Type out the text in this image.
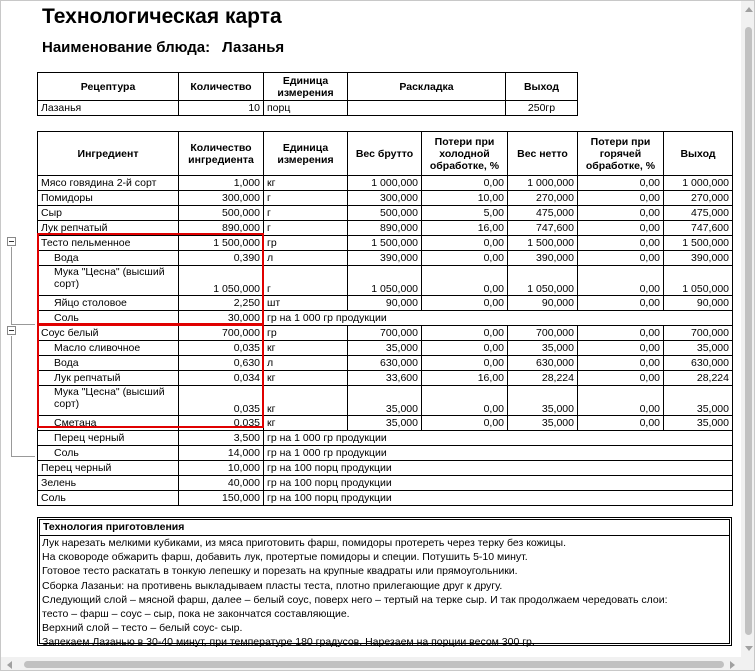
Технологическая карта
Наименование блюда: Лазанья
Рецептура	Количество	Единица измерения	Раскладка	Выход
Лазанья	10	порц		250гр
Ингредиент	Количество ингредиента	Единица измерения	Вес брутто	Потери при холодной обработке, %	Вес нетто	Потери при горячей обработке, %	Выход
Мясо говядина 2-й сорт	1,000	кг	1 000,000	0,00	1 000,000	0,00	1 000,000
Помидоры	300,000	г	300,000	10,00	270,000	0,00	270,000
Сыр	500,000	г	500,000	5,00	475,000	0,00	475,000
Лук репчатый	890,000	г	890,000	16,00	747,600	0,00	747,600
Тесто пельменное	1 500,000	гр	1 500,000	0,00	1 500,000	0,00	1 500,000
Вода	0,390	л	390,000	0,00	390,000	0,00	390,000
Мука "Цесна" (высший сорт)	1 050,000	г	1 050,000	0,00	1 050,000	0,00	1 050,000
Яйцо столовое	2,250	шт	90,000	0,00	90,000	0,00	90,000
Соль	30,000	гр на 1 000 гр продукции					
Соус белый	700,000	гр	700,000	0,00	700,000	0,00	700,000
Масло сливочное	0,035	кг	35,000	0,00	35,000	0,00	35,000
Вода	0,630	л	630,000	0,00	630,000	0,00	630,000
Лук репчатый	0,034	кг	33,600	16,00	28,224	0,00	28,224
Мука "Цесна" (высший сорт)	0,035	кг	35,000	0,00	35,000	0,00	35,000
Сметана	0,035	кг	35,000	0,00	35,000	0,00	35,000
Перец черный	3,500	гр на 1 000 гр продукции					
Соль	14,000	гр на 1 000 гр продукции					
Перец черный	10,000	гр на 100 порц продукции					
Зелень	40,000	гр на 100 порц продукции					
Соль	150,000	гр на 100 порц продукции					
Технология приготовления
Лук нарезать мелкими кубиками, из мяса приготовить фарш, помидоры протереть через терку без кожицы.
На сковороде обжарить фарш, добавить лук, протертые помидоры и специи. Потушить 5-10 минут.
Готовое тесто раскатать в тонкую лепешку и порезать на крупные квадраты или прямоугольники.
Сборка Лазаньи: на противень выкладываем пласты теста, плотно прилегающие друг к другу.
Следующий слой – мясной фарш, далее – белый соус, поверх него – тертый на терке сыр. И так продолжаем чередовать слои:
тесто – фарш – соус – сыр, пока не закончатся составляющие.
Верхний слой – тесто – белый соус- сыр.
Запекаем Лазанью в 30-40 минут, при температуре 180 градусов. Нарезаем на порции весом 300 гр.
